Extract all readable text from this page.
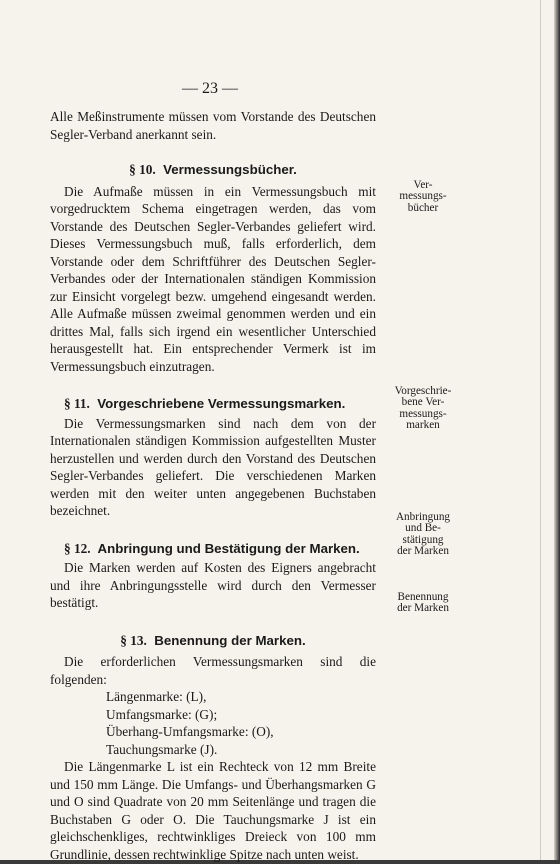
— 23 —

Alle Meßinstrumente müssen vom Vorstande des Deutschen Segler-Verband anerkannt sein.

§ 10. Vermessungsbücher.

Die Aufmaße müssen in ein Vermessungsbuch mit vorgedrucktem Schema eingetragen werden, das vom Vorstande des Deutschen Segler-Verbandes geliefert wird. Dieses Vermessungsbuch muß, falls erforderlich, dem Vorstande oder dem Schriftführer des Deutschen Segler-Verbandes oder der Internationalen ständigen Kommission zur Einsicht vorgelegt bezw. umgehend eingesandt werden. Alle Aufmaße müssen zweimal genommen werden und ein drittes Mal, falls sich irgend ein wesentlicher Unterschied herausgestellt hat. Ein entsprechender Vermerk ist im Vermessungsbuch einzutragen.

§ 11. Vorgeschriebene Vermessungsmarken.

Die Vermessungsmarken sind nach dem von der Internationalen ständigen Kommission aufgestellten Muster herzustellen und werden durch den Vorstand des Deutschen Segler-Verbandes geliefert. Die verschiedenen Marken werden mit den weiter unten angegebenen Buchstaben bezeichnet.

§ 12. Anbringung und Bestätigung der Marken.

Die Marken werden auf Kosten des Eigners angebracht und ihre Anbringungsstelle wird durch den Vermesser bestätigt.

§ 13. Benennung der Marken.

Die erforderlichen Vermessungsmarken sind die folgenden:

Längenmarke: (L),
Umfangsmarke: (G);
Überhang-Umfangsmarke: (O),
Tauchungsmarke (J).

Die Längenmarke L ist ein Rechteck von 12 mm Breite und 150 mm Länge. Die Umfangs- und Überhangsmarken G und O sind Quadrate von 20 mm Seitenlänge und tragen die Buchstaben G oder O. Die Tauchungsmarke J ist ein gleichschenkliges, rechtwinkliges Dreieck von 100 mm Grundlinie, dessen rechtwinklige Spitze nach unten weist.

Ver-
messungs-
bücher
Vorgeschrie-
bene Ver-
messungs-
marken
Anbringung
und Be-
stätigung
der Marken
Benennung
der Marken
